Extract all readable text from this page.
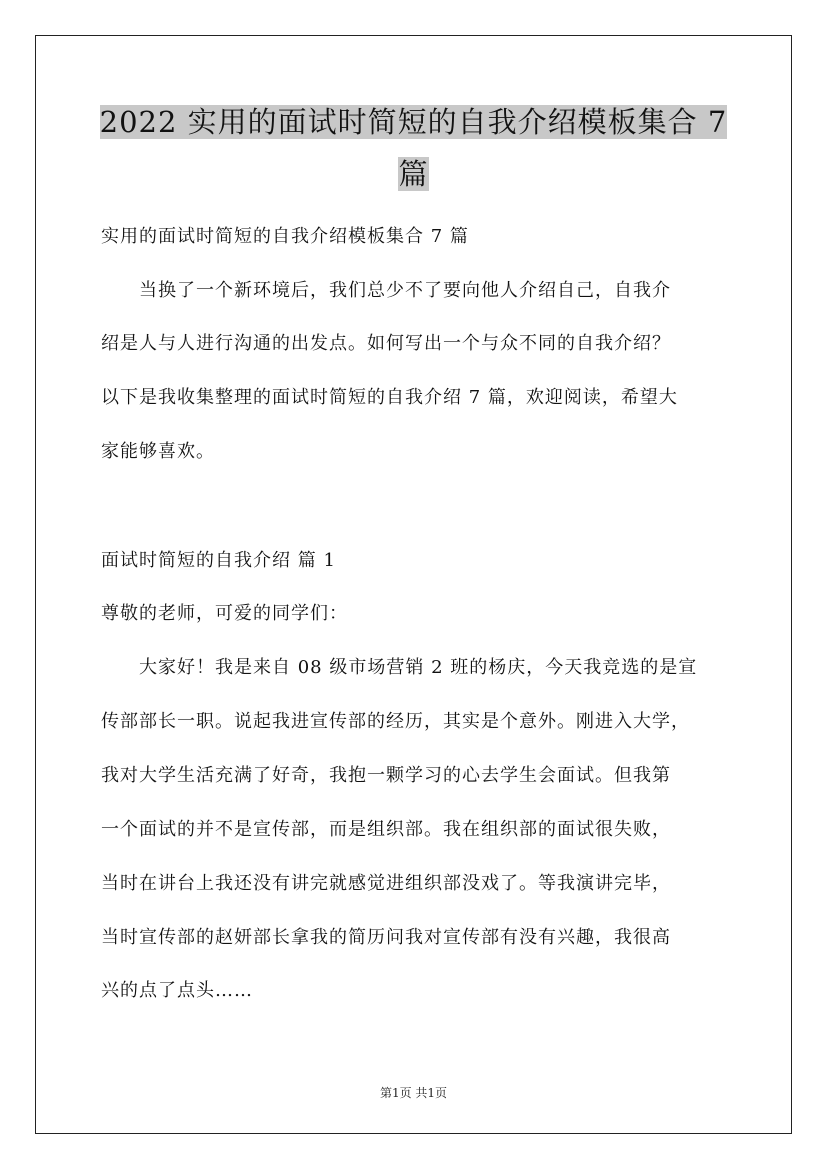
2022 实用的面试时简短的自我介绍模板集合 7
篇
实用的面试时简短的自我介绍模板集合 7 篇
　　当换了一个新环境后，我们总少不了要向他人介绍自己，自我介
绍是人与人进行沟通的出发点。如何写出一个与众不同的自我介绍？
以下是我收集整理的面试时简短的自我介绍 7 篇，欢迎阅读，希望大
家能够喜欢。
面试时简短的自我介绍 篇 1
尊敬的老师，可爱的同学们：
　　大家好！我是来自 08 级市场营销 2 班的杨庆，今天我竞选的是宣
传部部长一职。说起我进宣传部的经历，其实是个意外。刚进入大学，
我对大学生活充满了好奇，我抱一颗学习的心去学生会面试。但我第
一个面试的并不是宣传部，而是组织部。我在组织部的面试很失败，
当时在讲台上我还没有讲完就感觉进组织部没戏了。等我演讲完毕，
当时宣传部的赵妍部长拿我的简历问我对宣传部有没有兴趣，我很高
兴的点了点头……
第1页 共1页
